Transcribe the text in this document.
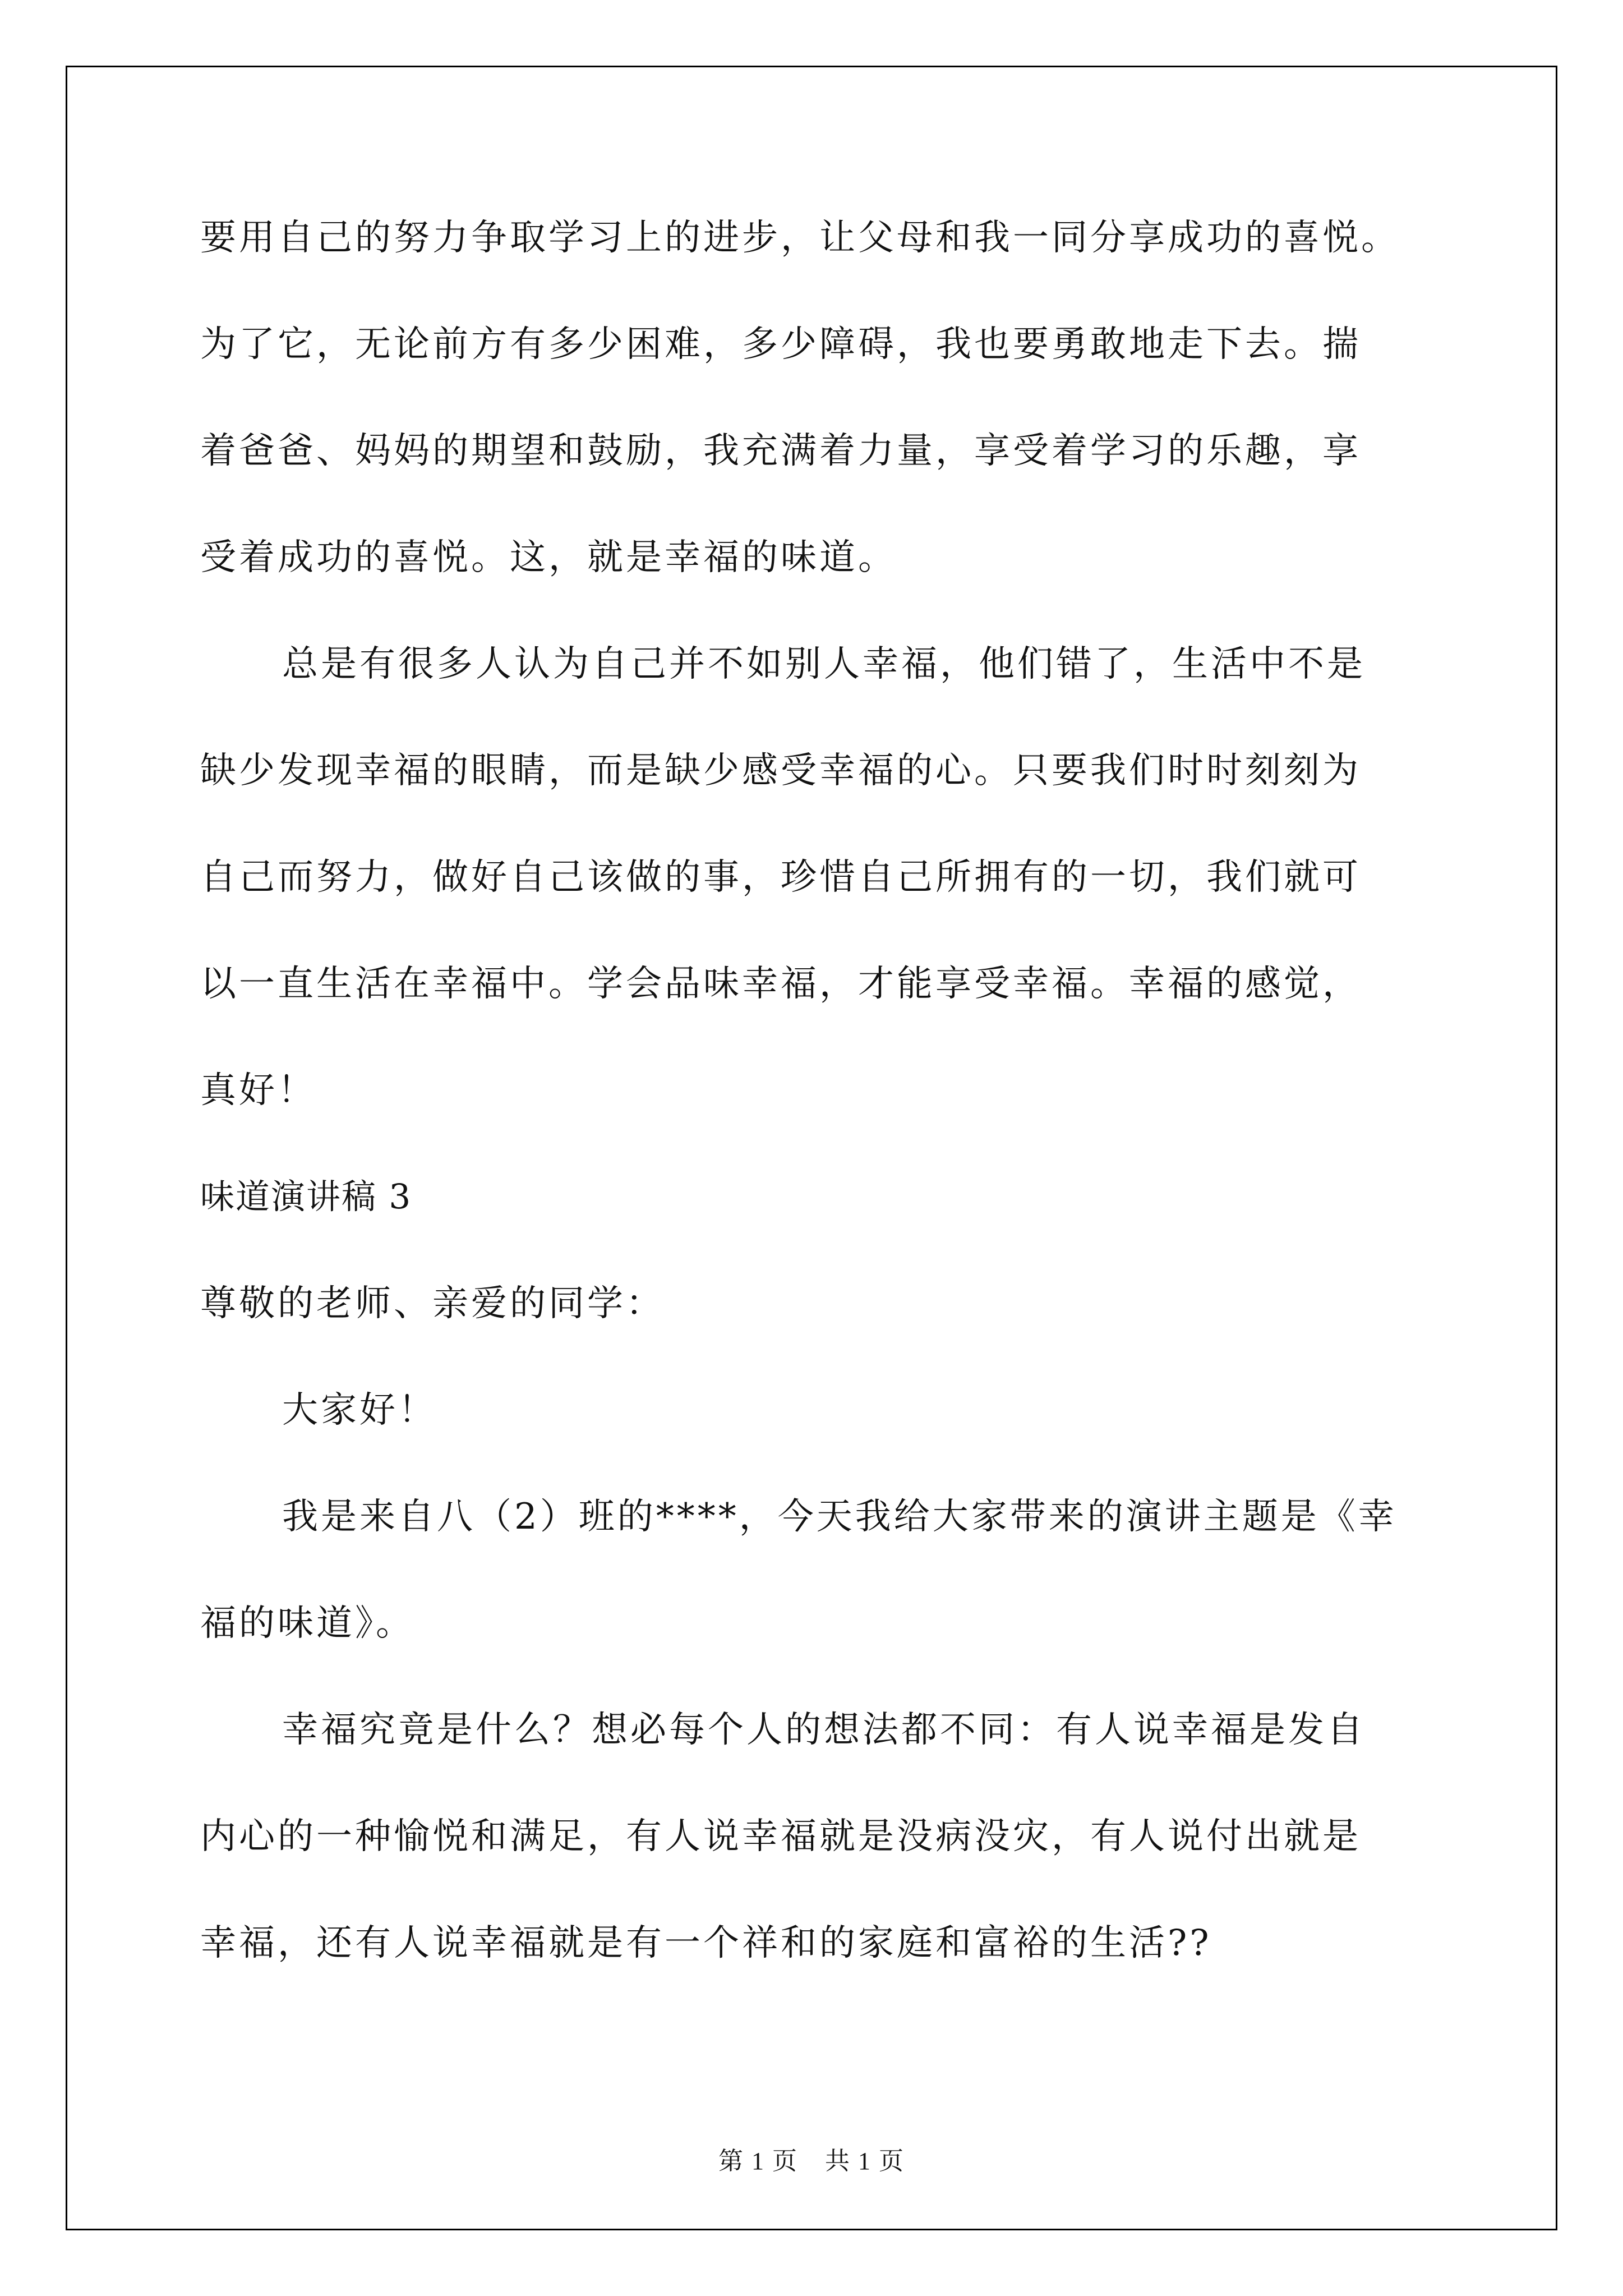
要用自己的努力争取学习上的进步，让父母和我一同分享成功的喜悦。
为了它，无论前方有多少困难，多少障碍，我也要勇敢地走下去。揣
着爸爸、妈妈的期望和鼓励，我充满着力量，享受着学习的乐趣，享
受着成功的喜悦。这，就是幸福的味道。
总是有很多人认为自己并不如别人幸福，他们错了，生活中不是
缺少发现幸福的眼睛，而是缺少感受幸福的心。只要我们时时刻刻为
自己而努力，做好自己该做的事，珍惜自己所拥有的一切，我们就可
以一直生活在幸福中。学会品味幸福，才能享受幸福。幸福的感觉，
真好！
味道演讲稿 3
尊敬的老师、亲爱的同学：
大家好！
我是来自八（2）班的****，今天我给大家带来的演讲主题是《幸
福的味道》。
幸福究竟是什么？想必每个人的想法都不同：有人说幸福是发自
内心的一种愉悦和满足，有人说幸福就是没病没灾，有人说付出就是
幸福，还有人说幸福就是有一个祥和的家庭和富裕的生活??
第 1 页 共 1 页
